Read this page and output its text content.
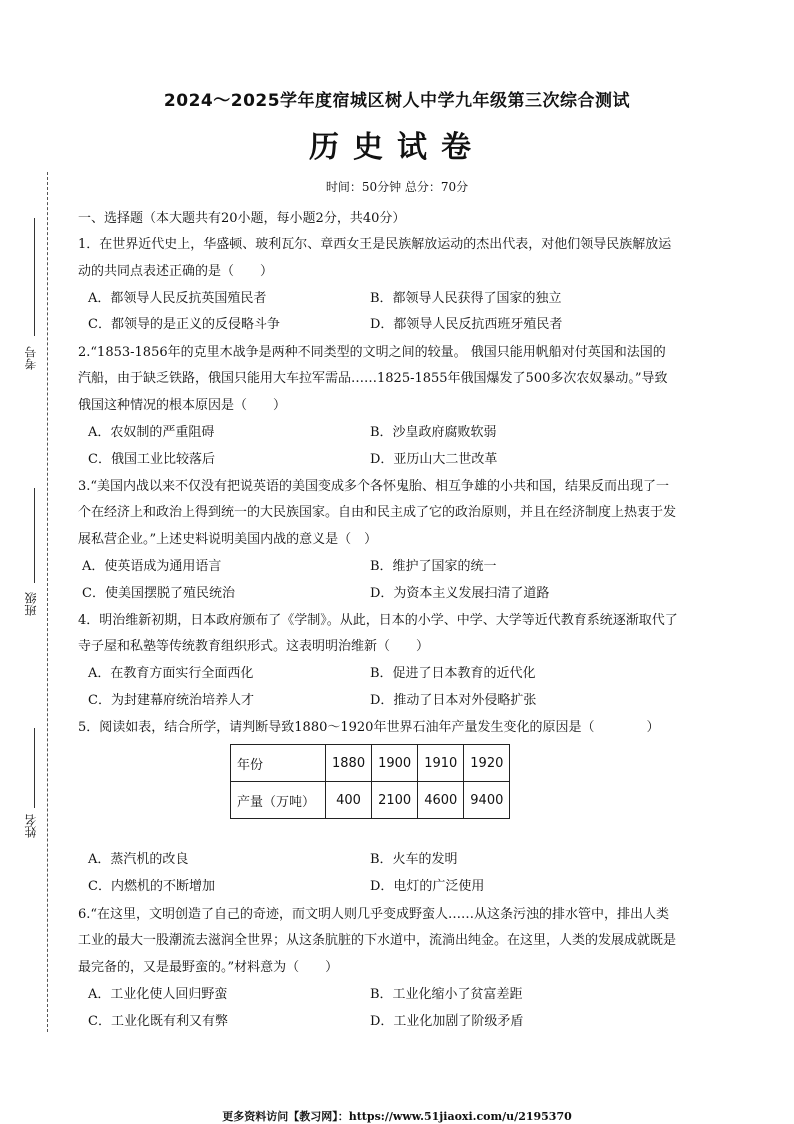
2024～2025学年度宿城区树人中学九年级第三次综合测试
历史试卷
时间：50分钟 总分：70分
考号
班级
姓名
一、选择题（本大题共有20小题，每小题2分，共40分）
1．在世界近代史上，华盛顿、玻利瓦尔、章西女王是民族解放运动的杰出代表，对他们领导民族解放运
动的共同点表述正确的是（　　）
A．都领导人民反抗英国殖民者	B．都领导人民获得了国家的独立
C．都领导的是正义的反侵略斗争	D．都领导人民反抗西班牙殖民者
2.“1853-1856年的克里木战争是两种不同类型的文明之间的较量。 俄国只能用帆船对付英国和法国的
汽船，由于缺乏铁路，俄国只能用大车拉军需品……1825-1855年俄国爆发了500多次农奴暴动。”导致
俄国这种情况的根本原因是（　　）
A．农奴制的严重阻碍	B．沙皇政府腐败软弱
C．俄国工业比较落后	D．亚历山大二世改革
3.“美国内战以来不仅没有把说英语的美国变成多个各怀鬼胎、相互争雄的小共和国，结果反而出现了一
个在经济上和政治上得到统一的大民族国家。自由和民主成了它的政治原则，并且在经济制度上热衷于发
展私营企业。”上述史料说明美国内战的意义是（　）
A．使英语成为通用语言	B．维护了国家的统一
C．使美国摆脱了殖民统治	D．为资本主义发展扫清了道路
4．明治维新初期，日本政府颁布了《学制》。从此，日本的小学、中学、大学等近代教育系统逐渐取代了
寺子屋和私塾等传统教育组织形式。这表明明治维新（　　）
A．在教育方面实行全面西化	B．促进了日本教育的近代化
C．为封建幕府统治培养人才	D．推动了日本对外侵略扩张
5．阅读如表，结合所学，请判断导致1880～1920年世界石油年产量发生变化的原因是（　　　　）
年份	1880	1900	1910	1920
产量（万吨）	400	2100	4600	9400
A．蒸汽机的改良	B．火车的发明
C．内燃机的不断增加	D．电灯的广泛使用
6.“在这里，文明创造了自己的奇迹，而文明人则几乎变成野蛮人……从这条污浊的排水管中，排出人类
工业的最大一股潮流去滋润全世界；从这条肮脏的下水道中，流淌出纯金。在这里，人类的发展成就既是
最完备的，又是最野蛮的。”材料意为（　　）
A．工业化使人回归野蛮	B．工业化缩小了贫富差距
C．工业化既有利又有弊	D．工业化加剧了阶级矛盾
更多资料访问【教习网】：https://www.51jiaoxi.com/u/2195370
